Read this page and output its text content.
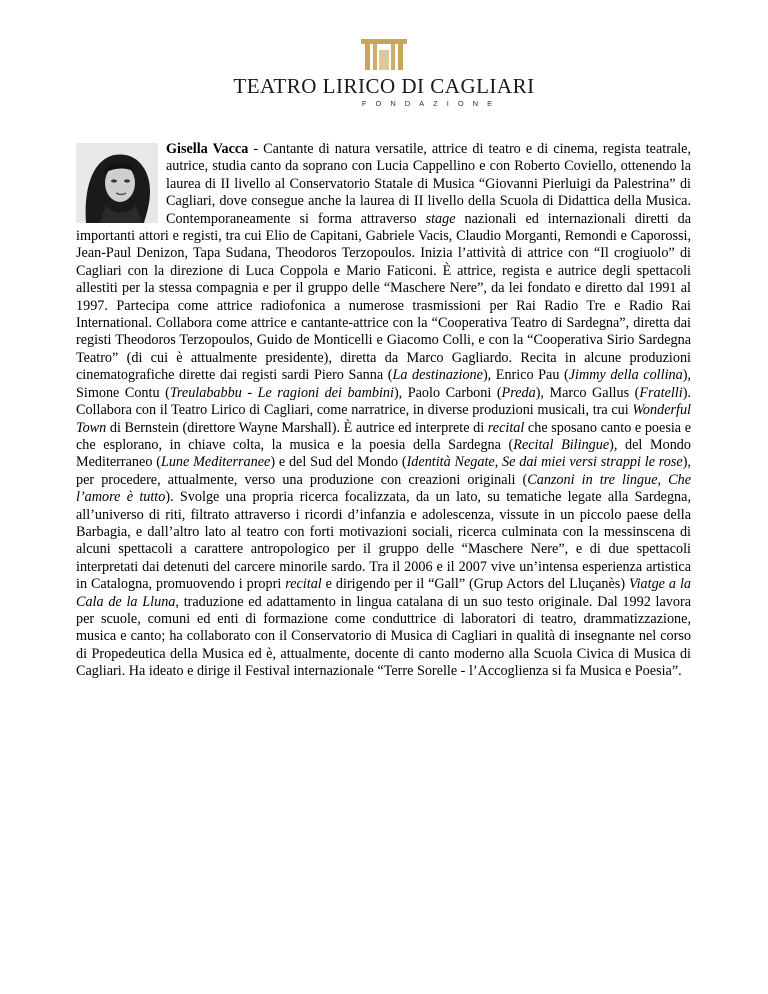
TEATRO LIRICO DI CAGLIARI
FONDAZIONE
Gisella Vacca - Cantante di natura versatile, attrice di teatro e di cinema, regista teatrale, autrice, studia canto da soprano con Lucia Cappellino e con Roberto Coviello, ottenendo la laurea di II livello al Conservatorio Statale di Musica “Giovanni Pierluigi da Palestrina” di Cagliari, dove consegue anche la laurea di II livello della Scuola di Didattica della Musica. Contemporaneamente si forma attraverso stage nazionali ed internazionali diretti da importanti attori e registi, tra cui Elio de Capitani, Gabriele Vacis, Claudio Morganti, Remondi e Caporossi, Jean-Paul Denizon, Tapa Sudana, Theodoros Terzopoulos. Inizia l’attività di attrice con “Il crogiuolo” di Cagliari con la direzione di Luca Coppola e Mario Faticoni. È attrice, regista e autrice degli spettacoli allestiti per la stessa compagnia e per il gruppo delle “Maschere Nere”, da lei fondato e diretto dal 1991 al 1997. Partecipa come attrice radiofonica a numerose trasmissioni per Rai Radio Tre e Radio Rai International. Collabora come attrice e cantante-attrice con la “Cooperativa Teatro di Sardegna”, diretta dai registi Theodoros Terzopoulos, Guido de Monticelli e Giacomo Colli, e con la “Cooperativa Sirio Sardegna Teatro” (di cui è attualmente presidente), diretta da Marco Gagliardo. Recita in alcune produzioni cinematografiche dirette dai registi sardi Piero Sanna (La destinazione), Enrico Pau (Jimmy della collina), Simone Contu (Treulababbu - Le ragioni dei bambini), Paolo Carboni (Preda), Marco Gallus (Fratelli). Collabora con il Teatro Lirico di Cagliari, come narratrice, in diverse produzioni musicali, tra cui Wonderful Town di Bernstein (direttore Wayne Marshall). È autrice ed interprete di recital che sposano canto e poesia e che esplorano, in chiave colta, la musica e la poesia della Sardegna (Recital Bilingue), del Mondo Mediterraneo (Lune Mediterranee) e del Sud del Mondo (Identità Negate, Se dai miei versi strappi le rose), per procedere, attualmente, verso una produzione con creazioni originali (Canzoni in tre lingue, Che l’amore è tutto). Svolge una propria ricerca focalizzata, da un lato, su tematiche legate alla Sardegna, all’universo di riti, filtrato attraverso i ricordi d’infanzia e adolescenza, vissute in un piccolo paese della Barbagia, e dall’altro lato al teatro con forti motivazioni sociali, ricerca culminata con la messinscena di alcuni spettacoli a carattere antropologico per il gruppo delle “Maschere Nere”, e di due spettacoli interpretati dai detenuti del carcere minorile sardo. Tra il 2006 e il 2007 vive un’intensa esperienza artistica in Catalogna, promuovendo i propri recital e dirigendo per il “Gall” (Grup Actors del Lluçanès) Viatge a la Cala de la Lluna, traduzione ed adattamento in lingua catalana di un suo testo originale. Dal 1992 lavora per scuole, comuni ed enti di formazione come conduttrice di laboratori di teatro, drammatizzazione, musica e canto; ha collaborato con il Conservatorio di Musica di Cagliari in qualità di insegnante nel corso di Propedeutica della Musica ed è, attualmente, docente di canto moderno alla Scuola Civica di Musica di Cagliari. Ha ideato e dirige il Festival internazionale “Terre Sorelle - l’Accoglienza si fa Musica e Poesia”.
